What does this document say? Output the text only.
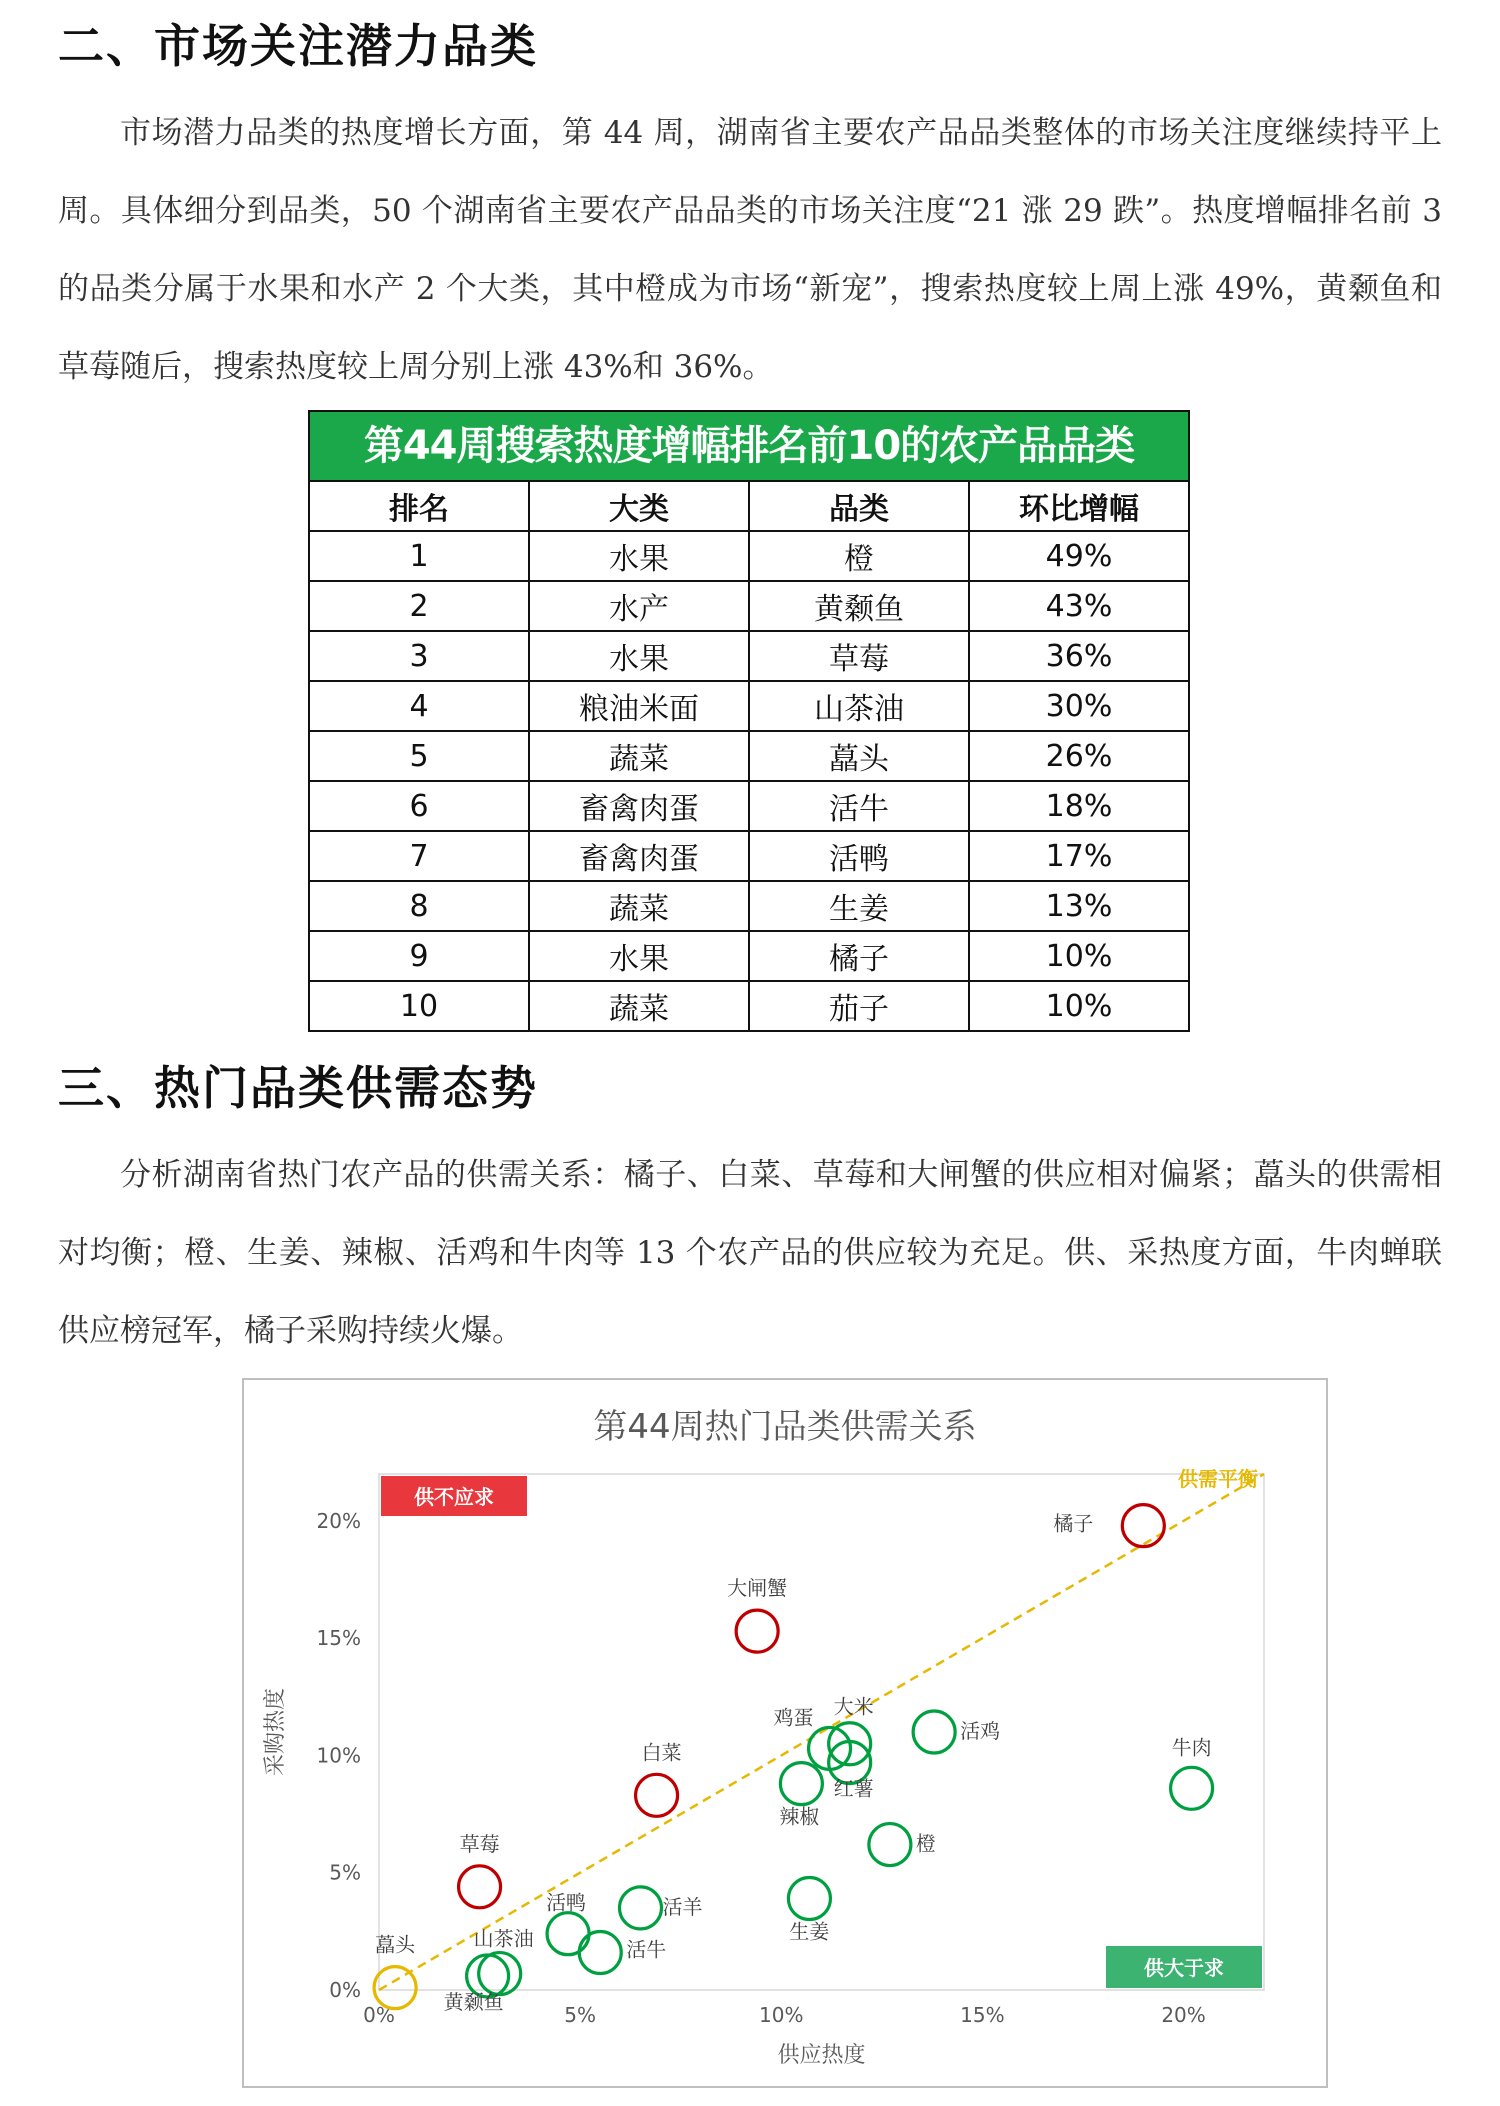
二、市场关注潜力品类

市场潜力品类的热度增长方面，第 44 周，湖南省主要农产品品类整体的市场关注度继续持平上周。具体细分到品类，50 个湖南省主要农产品品类的市场关注度“21 涨 29 跌”。热度增幅排名前 3 的品类分属于水果和水产 2 个大类，其中橙成为市场“新宠”，搜索热度较上周上涨 49%，黄颡鱼和草莓随后，搜索热度较上周分别上涨 43%和 36%。

第44周搜索热度增幅排名前10的农产品品类
排名	大类	品类	环比增幅
1	水果	橙	49%
2	水产	黄颡鱼	43%
3	水果	草莓	36%
4	粮油米面	山茶油	30%
5	蔬菜	藠头	26%
6	畜禽肉蛋	活牛	18%
7	畜禽肉蛋	活鸭	17%
8	蔬菜	生姜	13%
9	水果	橘子	10%
10	蔬菜	茄子	10%
三、热门品类供需态势

分析湖南省热门农产品的供需关系：橘子、白菜、草莓和大闸蟹的供应相对偏紧；藠头的供需相对均衡；橙、生姜、辣椒、活鸡和牛肉等 13 个农产品的供应较为充足。供、采热度方面，牛肉蝉联供应榜冠军，橘子采购持续火爆。

第44周热门品类供需关系
0%
5%
10%
15%
20%
0%	5%	10%	15%	20%
供不应求
供大于求
供需平衡
橘子
大闸蟹
白菜
草莓
藠头
牛肉
活鸡
鸡蛋 大米
红薯
辣椒
橙
生姜
活羊
活鸭
活牛
山茶油
黄颡鱼
供应热度
采购热度
